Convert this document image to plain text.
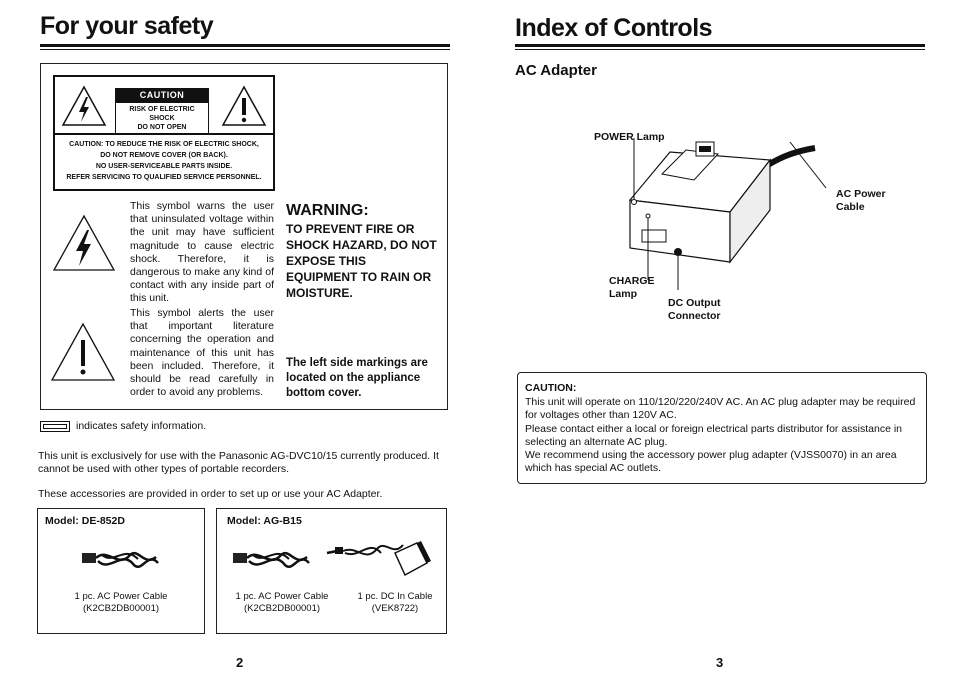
For your safety
CAUTION
RISK OF ELECTRIC SHOCK
DO NOT OPEN
CAUTION: TO REDUCE THE RISK OF ELECTRIC SHOCK,
DO NOT REMOVE COVER (OR BACK).
NO USER-SERVICEABLE PARTS INSIDE.
REFER SERVICING TO QUALIFIED SERVICE PERSONNEL.
This symbol warns the user that uninsulated voltage within the unit may have sufficient magnitude to cause electric shock. Therefore, it is dangerous to make any kind of contact with any inside part of this unit.
WARNING:
TO PREVENT FIRE OR SHOCK HAZARD, DO NOT EXPOSE THIS EQUIPMENT TO RAIN OR MOISTURE.
This symbol alerts the user that important literature concerning the operation and maintenance of this unit has been included. Therefore, it should be read carefully in order to avoid any problems.
The left side markings are located on the appliance bottom cover.
indicates safety information.
This unit is exclusively for use with the Panasonic AG-DVC10/15 currently produced. It cannot be used with other types of portable recorders.
These accessories are provided in order to set up or use your AC Adapter.
Model: DE-852D
1 pc. AC Power Cable
(K2CB2DB00001)
Model: AG-B15
1 pc. AC Power Cable
(K2CB2DB00001)
1 pc. DC In Cable
(VEK8722)
2
Index of Controls
AC Adapter
POWER Lamp
AC Power
Cable
CHARGE
Lamp
DC Output
Connector
CAUTION:
This unit will operate on 110/120/220/240V AC. An AC plug adapter may be required for voltages other than 120V AC.
Please contact either a local or foreign electrical parts distributor for assistance in selecting an alternate AC plug.
We recommend using the accessory power plug adapter (VJSS0070) in an area which has special AC outlets.
3
